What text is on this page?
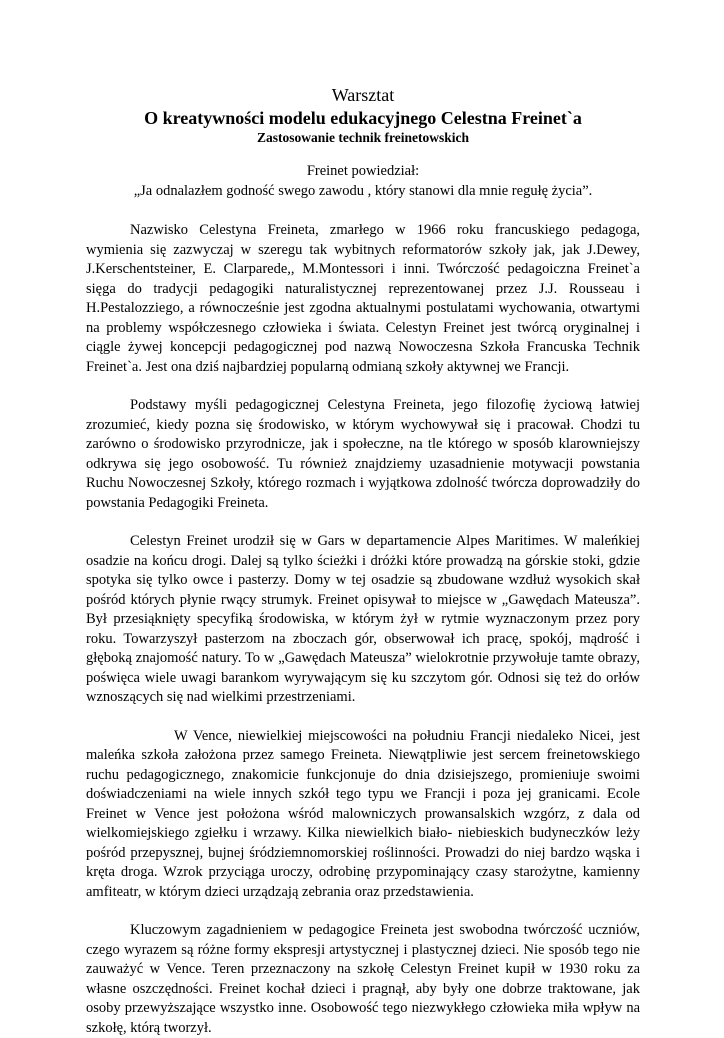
Warsztat
O kreatywności modelu edukacyjnego Celestna Freinet`a
Zastosowanie technik freinetowskich
Freinet powiedział:
„Ja odnalazłem godność swego zawodu , który stanowi dla mnie regułę życia”.

Nazwisko Celestyna Freineta, zmarłego w 1966 roku francuskiego pedagoga, wymienia się zazwyczaj w szeregu tak wybitnych reformatorów szkoły jak, jak J.Dewey, J.Kerschentsteiner, E. Clarparede,, M.Montessori i inni. Twórczość pedagoiczna Freinet`a sięga do tradycji pedagogiki naturalistycznej reprezentowanej przez J.J. Rousseau i H.Pestalozziego, a równocześnie jest zgodna aktualnymi postulatami wychowania, otwartymi na problemy współczesnego człowieka i świata. Celestyn Freinet jest twórcą oryginalnej i ciągle żywej koncepcji pedagogicznej pod nazwą Nowoczesna Szkoła Francuska Technik Freinet`a. Jest ona dziś najbardziej popularną odmianą szkoły aktywnej we Francji.

Podstawy myśli pedagogicznej Celestyna Freineta, jego filozofię życiową łatwiej zrozumieć, kiedy pozna się środowisko, w którym wychowywał się i pracował. Chodzi tu zarówno o środowisko przyrodnicze, jak i społeczne, na tle którego w sposób klarowniejszy odkrywa się jego osobowość. Tu również znajdziemy uzasadnienie motywacji powstania Ruchu Nowoczesnej Szkoły, którego rozmach i wyjątkowa zdolność twórcza doprowadziły do powstania Pedagogiki Freineta.

Celestyn Freinet urodził się w Gars w departamencie Alpes Maritimes. W maleńkiej osadzie na końcu drogi. Dalej są tylko ścieżki i dróżki które prowadzą na górskie stoki, gdzie spotyka się tylko owce i pasterzy. Domy w tej osadzie są zbudowane wzdłuż wysokich skał pośród których płynie rwący strumyk. Freinet opisywał to miejsce w „Gawędach Mateusza”. Był przesiąknięty specyfiką środowiska, w którym żył w rytmie wyznaczonym przez pory roku. Towarzyszył pasterzom na zboczach gór, obserwował ich pracę, spokój, mądrość i głęboką znajomość natury. To w „Gawędach Mateusza” wielokrotnie przywołuje tamte obrazy, poświęca wiele uwagi barankom wyrywającym się ku szczytom gór. Odnosi się też do orłów wznoszących się nad wielkimi przestrzeniami.

W Vence, niewielkiej miejscowości na południu Francji niedaleko Nicei, jest maleńka szkoła założona przez samego Freineta. Niewątpliwie jest sercem freinetowskiego ruchu pedagogicznego, znakomicie funkcjonuje do dnia dzisiejszego, promieniuje swoimi doświadczeniami na wiele innych szkół tego typu we Francji i poza jej granicami. Ecole Freinet w Vence jest położona wśród malowniczych prowansalskich wzgórz, z dala od wielkomiejskiego zgiełku i wrzawy. Kilka niewielkich biało- niebieskich budyneczków leży pośród przepysznej, bujnej śródziemnomorskiej roślinności. Prowadzi do niej bardzo wąska i kręta droga. Wzrok przyciąga uroczy, odrobinę przypominający czasy starożytne, kamienny amfiteatr, w którym dzieci urządzają zebrania oraz przedstawienia.

Kluczowym zagadnieniem w pedagogice Freineta jest swobodna twórczość uczniów, czego wyrazem są różne formy ekspresji artystycznej i plastycznej dzieci. Nie sposób tego nie zauważyć w Vence. Teren przeznaczony na szkołę Celestyn Freinet kupił w 1930 roku za własne oszczędności. Freinet kochał dzieci i pragnął, aby były one dobrze traktowane, jak osoby przewyższające wszystko inne. Osobowość tego niezwykłego człowieka miła wpływ na szkołę, którą tworzył.
